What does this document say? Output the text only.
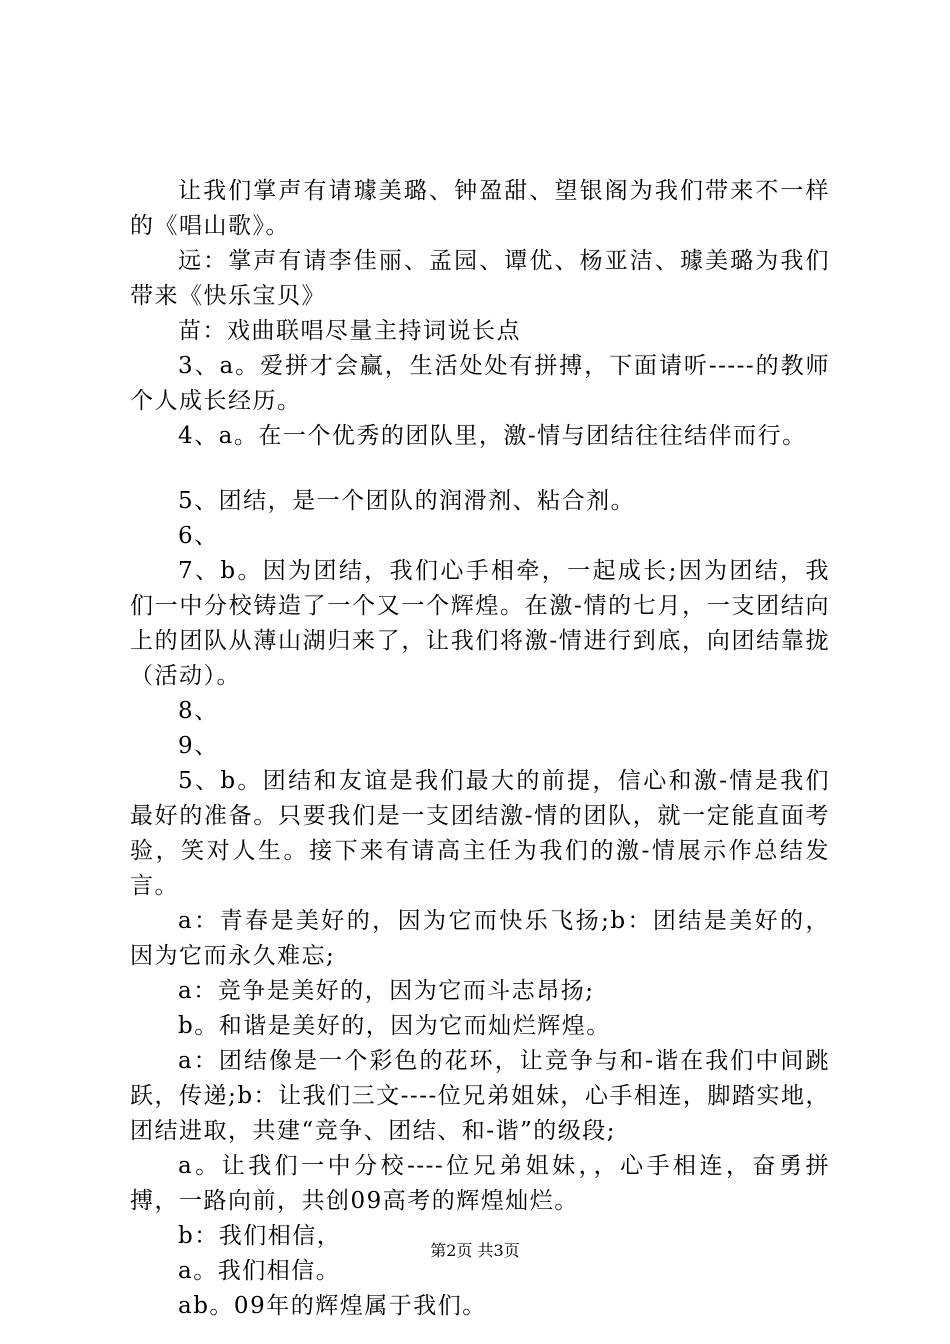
让我们掌声有请璩美璐、钟盈甜、望银阁为我们带来不一样的《唱山歌》。

远：掌声有请李佳丽、孟园、谭优、杨亚洁、璩美璐为我们带来《快乐宝贝》

苗：戏曲联唱尽量主持词说长点

3、a。爱拼才会赢，生活处处有拼搏，下面请听-----的教师个人成长经历。

4、a。在一个优秀的团队里，激-情与团结往往结伴而行。

5、团结，是一个团队的润滑剂、粘合剂。

6、

7、b。因为团结，我们心手相牵，一起成长;因为团结，我们一中分校铸造了一个又一个辉煌。在激-情的七月，一支团结向上的团队从薄山湖归来了，让我们将激-情进行到底，向团结靠拢（活动）。

8、

9、

5、b。团结和友谊是我们最大的前提，信心和激-情是我们最好的准备。只要我们是一支团结激-情的团队，就一定能直面考验，笑对人生。接下来有请高主任为我们的激-情展示作总结发言。

a：青春是美好的，因为它而快乐飞扬;b：团结是美好的，因为它而永久难忘;

a：竞争是美好的，因为它而斗志昂扬;

b。和谐是美好的，因为它而灿烂辉煌。

a：团结像是一个彩色的花环，让竞争与和-谐在我们中间跳跃，传递;b：让我们三文----位兄弟姐妹，心手相连，脚踏实地，团结进取，共建“竞争、团结、和-谐”的级段;

a。让我们一中分校----位兄弟姐妹，，心手相连，奋勇拼搏，一路向前，共创09高考的辉煌灿烂。

b：我们相信，

a。我们相信。

ab。09年的辉煌属于我们。

第2页 共3页
